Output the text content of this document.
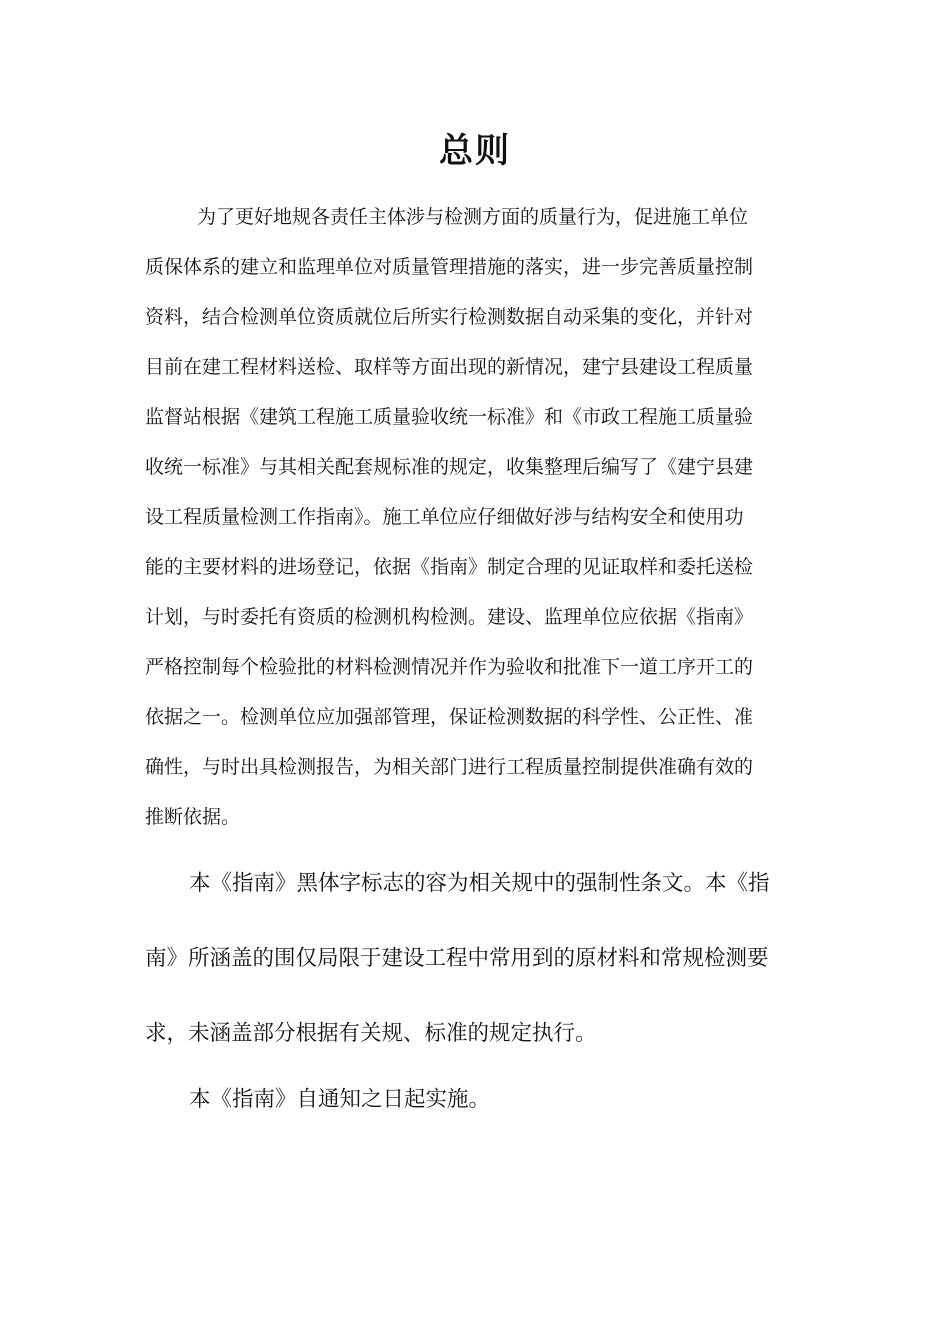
总则
为了更好地规各责任主体涉与检测方面的质量行为，促进施工单位
质保体系的建立和监理单位对质量管理措施的落实，进一步完善质量控制
资料，结合检测单位资质就位后所实行检测数据自动采集的变化，并针对
目前在建工程材料送检、取样等方面出现的新情况，建宁县建设工程质量
监督站根据《建筑工程施工质量验收统一标准》和《市政工程施工质量验
收统一标准》与其相关配套规标准的规定，收集整理后编写了《建宁县建
设工程质量检测工作指南》。施工单位应仔细做好涉与结构安全和使用功
能的主要材料的进场登记，依据《指南》制定合理的见证取样和委托送检
计划，与时委托有资质的检测机构检测。建设、监理单位应依据《指南》
严格控制每个检验批的材料检测情况并作为验收和批准下一道工序开工的
依据之一。检测单位应加强部管理，保证检测数据的科学性、公正性、准
确性，与时出具检测报告，为相关部门进行工程质量控制提供准确有效的
推断依据。
本《指南》黑体字标志的容为相关规中的强制性条文。本《指
南》所涵盖的围仅局限于建设工程中常用到的原材料和常规检测要
求，未涵盖部分根据有关规、标准的规定执行。
本《指南》自通知之日起实施。
